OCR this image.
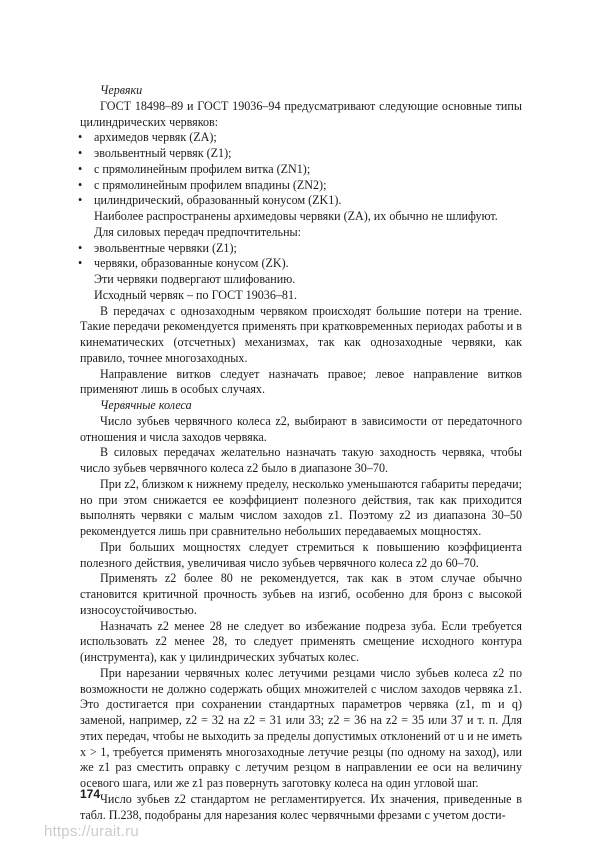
Червяки

ГОСТ 18498–89 и ГОСТ 19036–94 предусматривают следующие основные типы цилиндрических червяков:

• архимедов червяк (ZA);
• эвольвентный червяк (Z1);
• с прямолинейным профилем витка (ZN1);
• с прямолинейным профилем впадины (ZN2);
• цилиндрический, образованный конусом (ZK1).

Наиболее распространены архимедовы червяки (ZA), их обычно не шлифуют.

Для силовых передач предпочтительны:

• эвольвентные червяки (Z1);
• червяки, образованные конусом (ZK).

Эти червяки подвергают шлифованию.

Исходный червяк – по ГОСТ 19036–81.

В передачах с однозаходным червяком происходят большие потери на трение. Такие передачи рекомендуется применять при кратковременных периодах работы и в кинематических (отсчетных) механизмах, так как однозаходные червяки, как правило, точнее многозаходных.

Направление витков следует назначать правое; левое направление витков применяют лишь в особых случаях.

Червячные колеса

Число зубьев червячного колеса z2, выбирают в зависимости от передаточного отношения и числа заходов червяка.

В силовых передачах желательно назначать такую заходность червяка, чтобы число зубьев червячного колеса z2 было в диапазоне 30–70.

При z2, близком к нижнему пределу, несколько уменьшаются габариты передачи; но при этом снижается ее коэффициент полезного действия, так как приходится выполнять червяки с малым числом заходов z1. Поэтому z2 из диапазона 30–50 рекомендуется лишь при сравнительно небольших передаваемых мощностях.

При больших мощностях следует стремиться к повышению коэффициента полезного действия, увеличивая число зубьев червячного колеса z2 до 60–70.

Применять z2 более 80 не рекомендуется, так как в этом случае обычно становится критичной прочность зубьев на изгиб, особенно для бронз с высокой износоустойчивостью.

Назначать z2 менее 28 не следует во избежание подреза зуба. Если требуется использовать z2 менее 28, то следует применять смещение исходного контура (инструмента), как у цилиндрических зубчатых колес.

При нарезании червячных колес летучими резцами число зубьев колеса z2 по возможности не должно содержать общих множителей с числом заходов червяка z1. Это достигается при сохранении стандартных параметров червяка (z1, m и q) заменой, например, z2 = 32 на z2 = 31 или 33; z2 = 36 на z2 = 35 или 37 и т. п. Для этих передач, чтобы не выходить за пределы допустимых отклонений от u и не иметь x > 1, требуется применять многозаходные летучие резцы (по одному на заход), или же z1 раз сместить оправку с летучим резцом в направлении ее оси на величину осевого шага, или же z1 раз повернуть заготовку колеса на один угловой шаг.

Число зубьев z2 стандартом не регламентируется. Их значения, приведенные в табл. П.238, подобраны для нарезания колес червячными фрезами с учетом дости-

174
https://urait.ru
